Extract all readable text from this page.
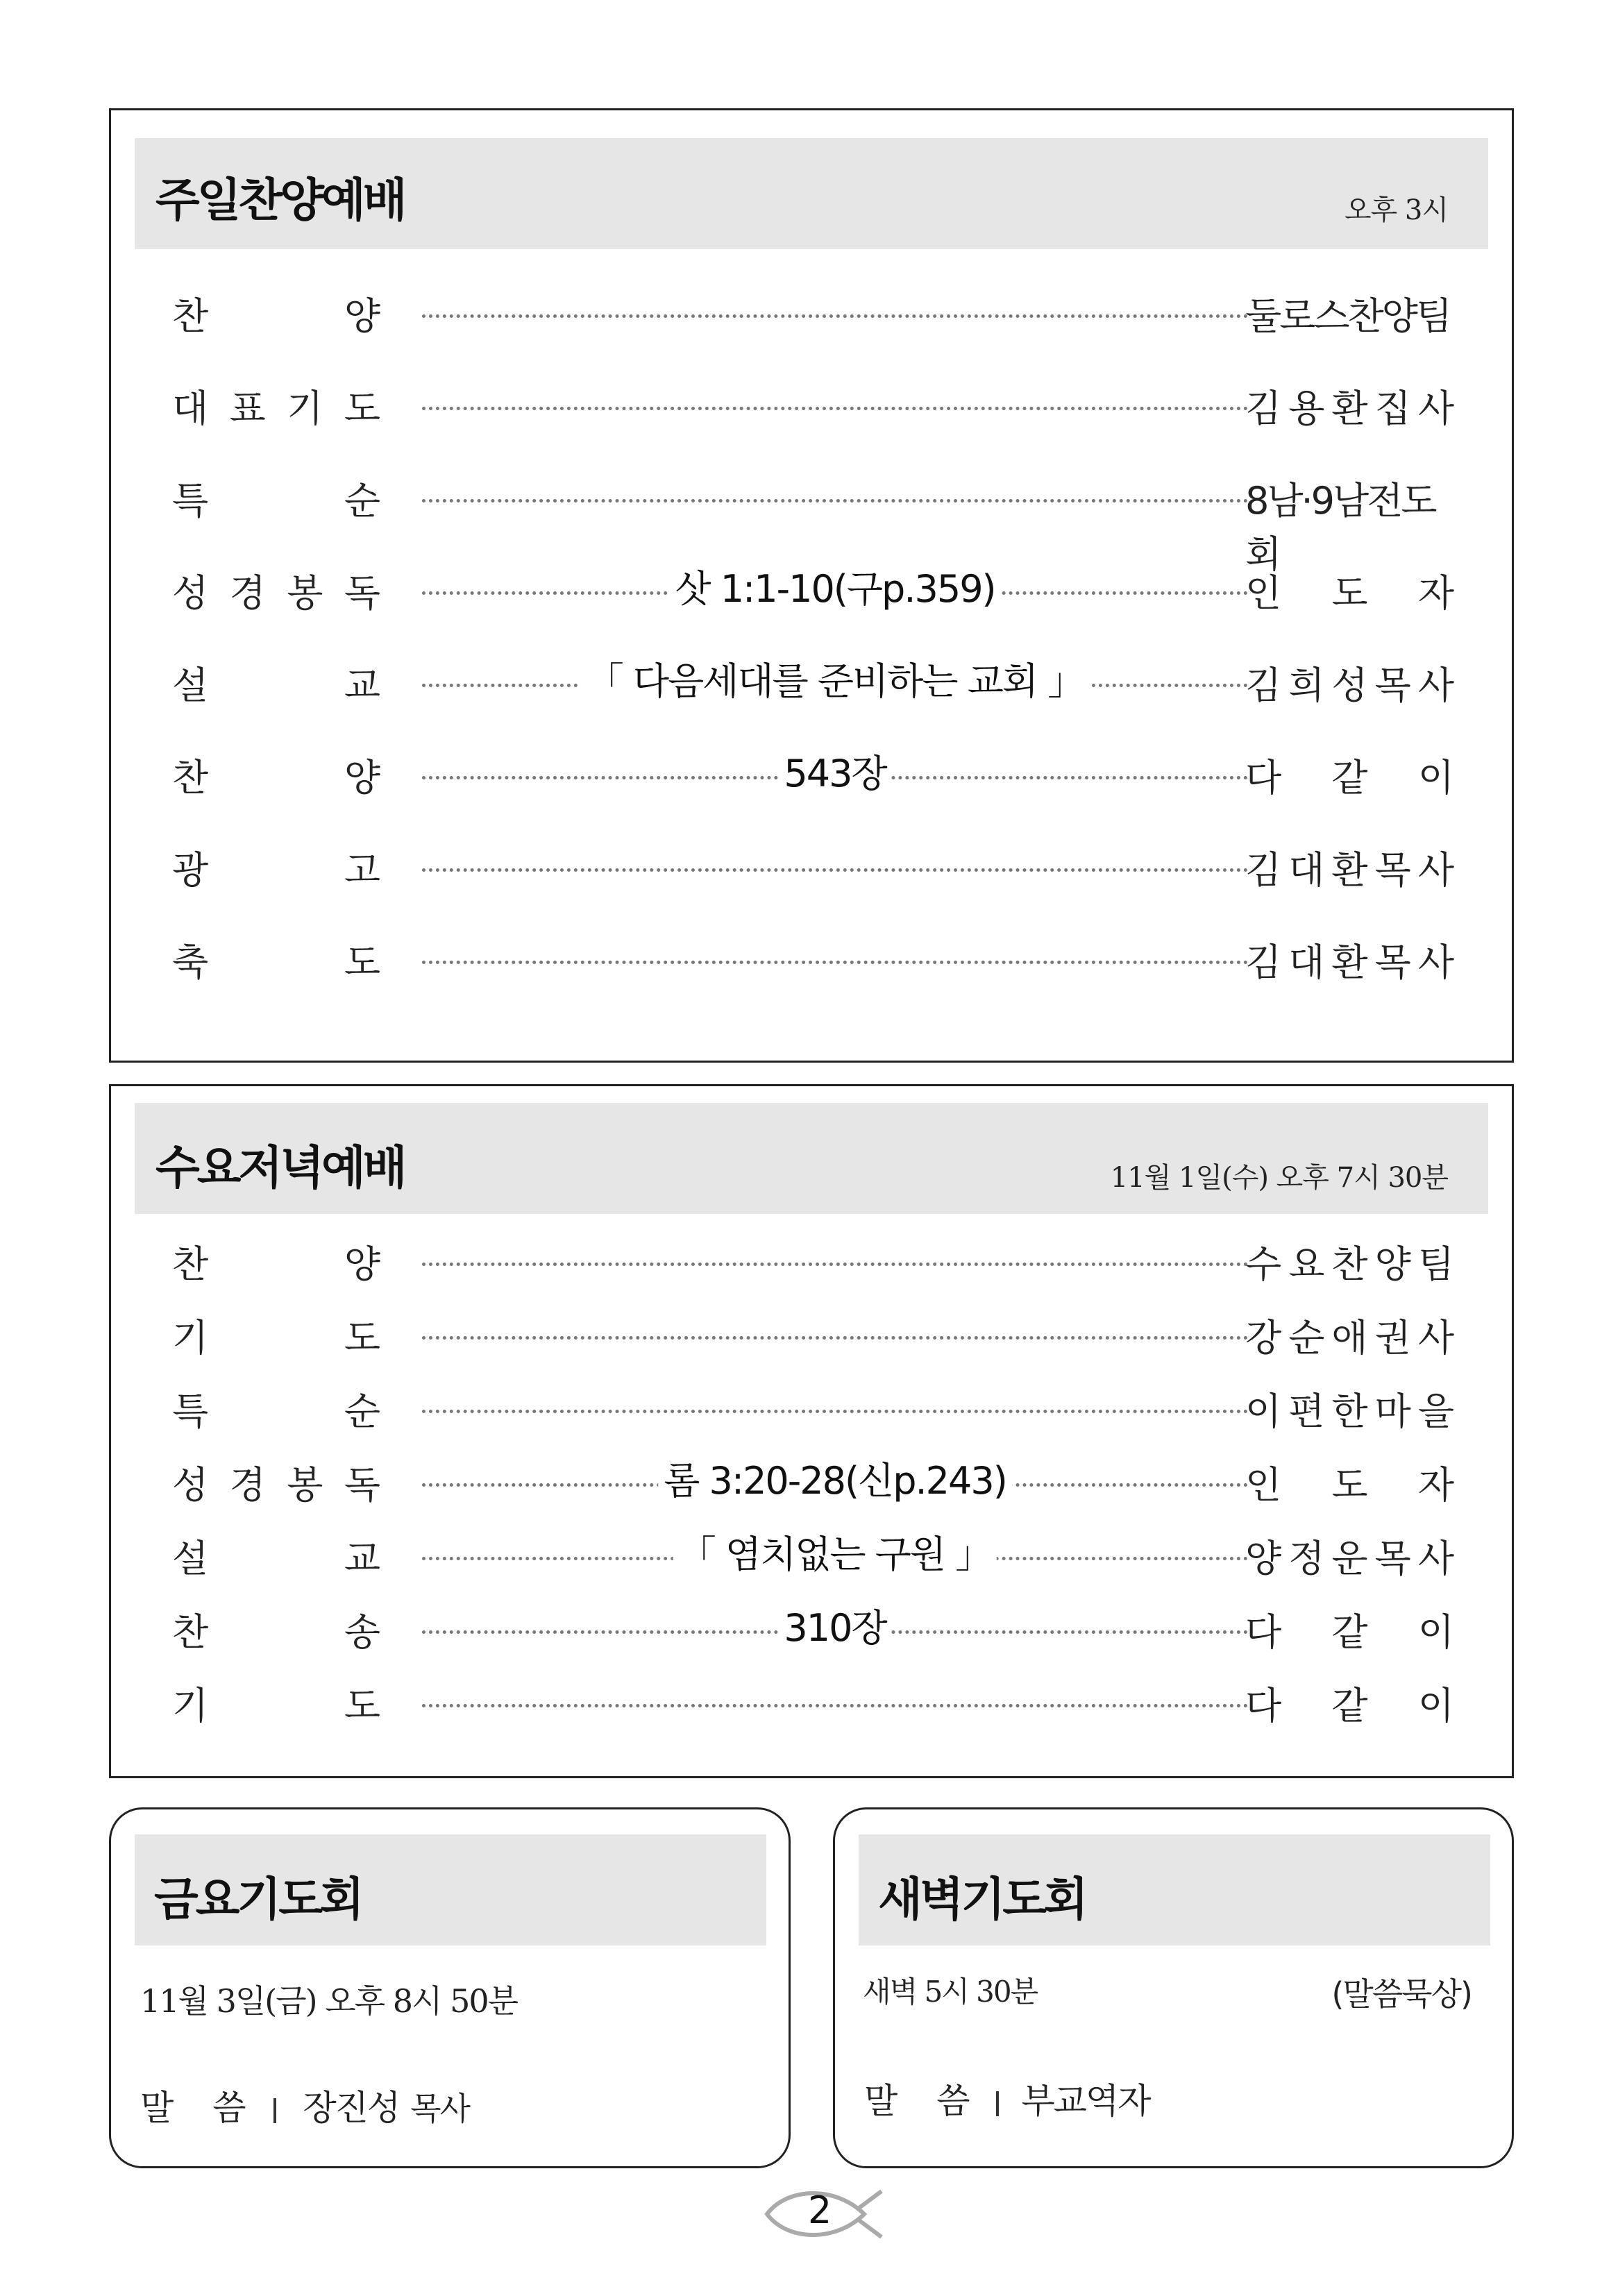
주일찬양예배	오후 3시
찬	양	둘로스찬양팀
대 표 기 도	김 용 환 집 사
특	순	8남·9남전도회
성 경 봉 독	삿 1:1-10(구p.359)	인 도 자
설	교	「 다음세대를 준비하는 교회 」	김 희 성 목 사
찬	양	543장	다 같 이
광	고	김 대 환 목 사
축	도	김 대 환 목 사
수요저녁예배	11월 1일(수) 오후 7시 30분
찬	양	수 요 찬 양 팀
기	도	강 순 애 권 사
특	순	이 편 한 마 을
성 경 봉 독	롬 3:20-28(신p.243)	인 도 자
설	교	「 염치없는 구원 」	양 정 운 목 사
찬	송	310장	다 같 이
기	도	다 같 이
금요기도회
11월 3일(금) 오후 8시 50분
말 씀 장진성 목사
새벽기도회
새벽 5시 30분	(말씀묵상)
말 씀 부교역자
2
